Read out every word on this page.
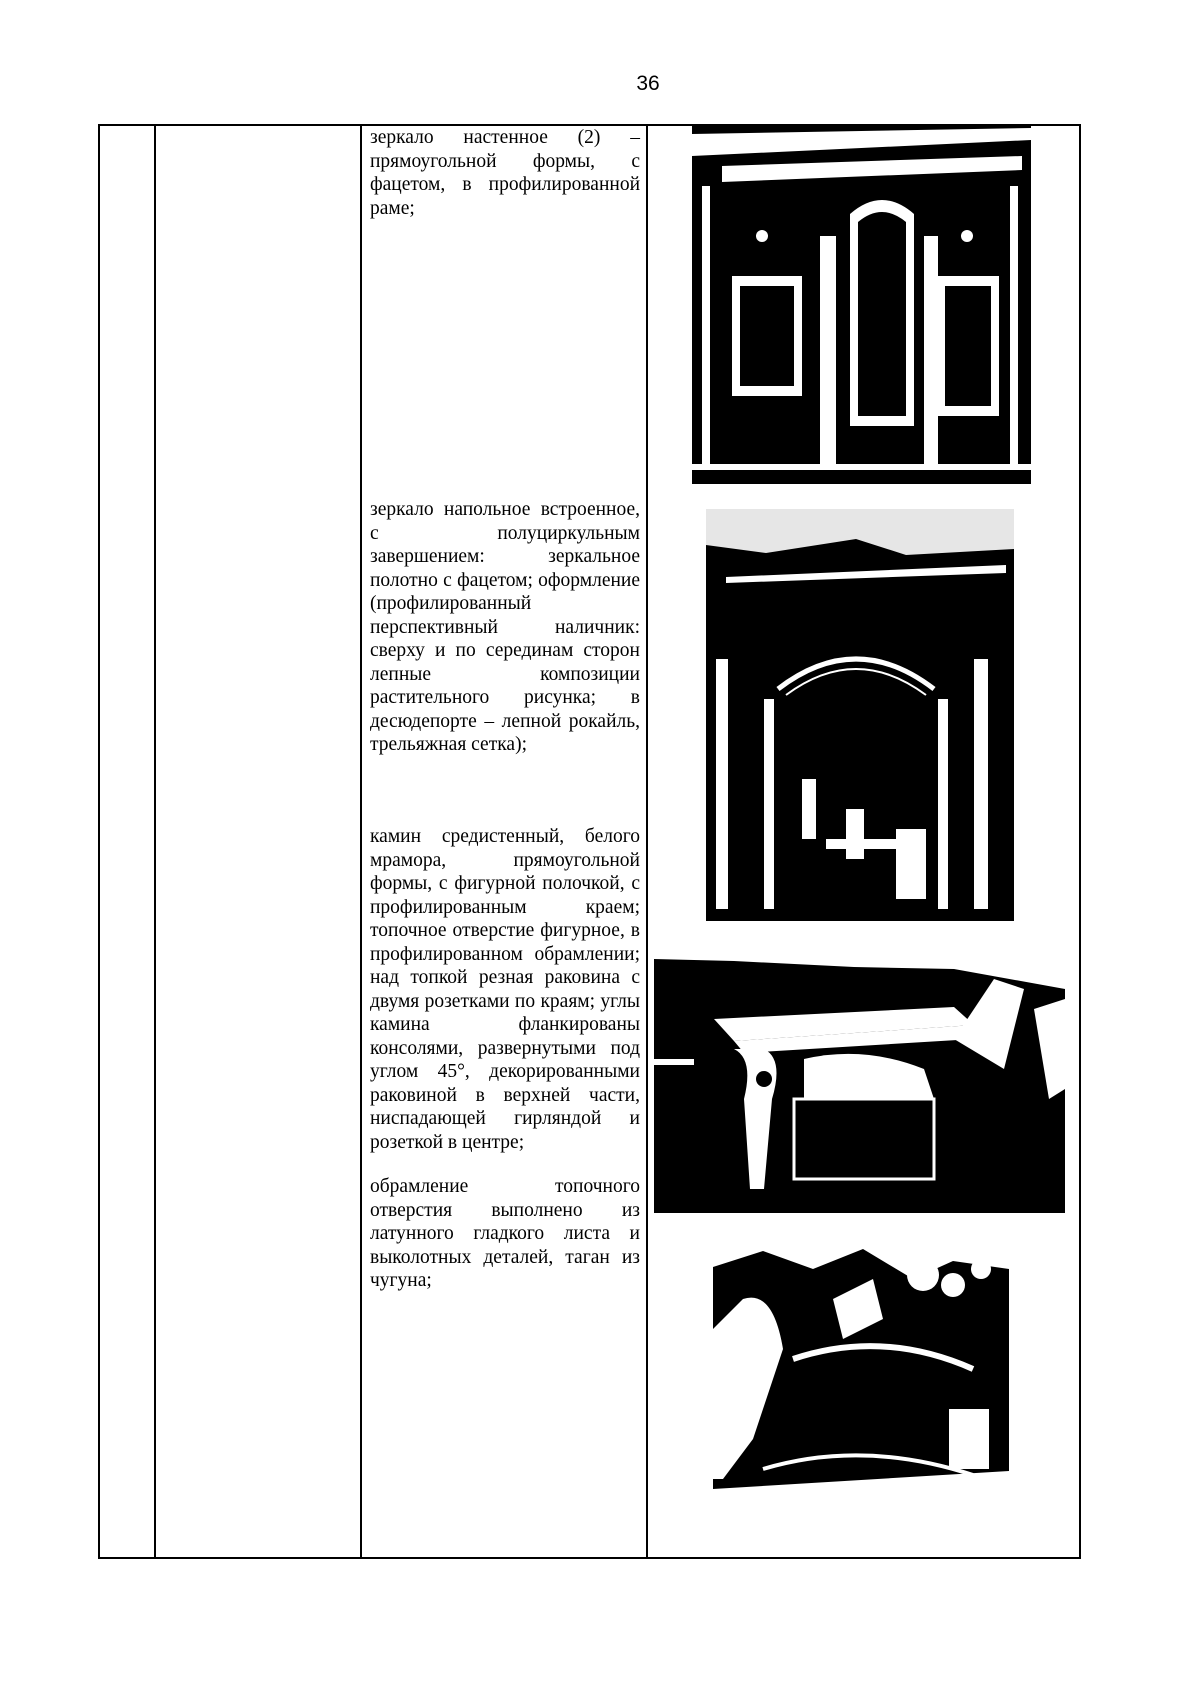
36
зеркало настенное (2) – прямоугольной формы, с фацетом, в профилированной раме;
зеркало напольное встроенное, с полуциркульным завершением: зеркальное полотно с фацетом; оформление (профилированный перспективный наличник: сверху и по серединам сторон лепные композиции растительного рисунка; в десюдепорте – лепной рокайль, трельяжная сетка);
камин средистенный, белого мрамора, прямоугольной формы, с фигурной полочкой, с профилированным краем; топочное отверстие фигурное, в профилированном обрамлении; над топкой резная раковина с двумя розетками по краям; углы камина фланкированы консолями, развернутыми под углом 45°, декорированными раковиной в верхней части, ниспадающей гирляндой и розеткой в центре;
обрамление топочного отверстия выполнено из латунного гладкого листа и выколотных деталей, таган из чугуна;
